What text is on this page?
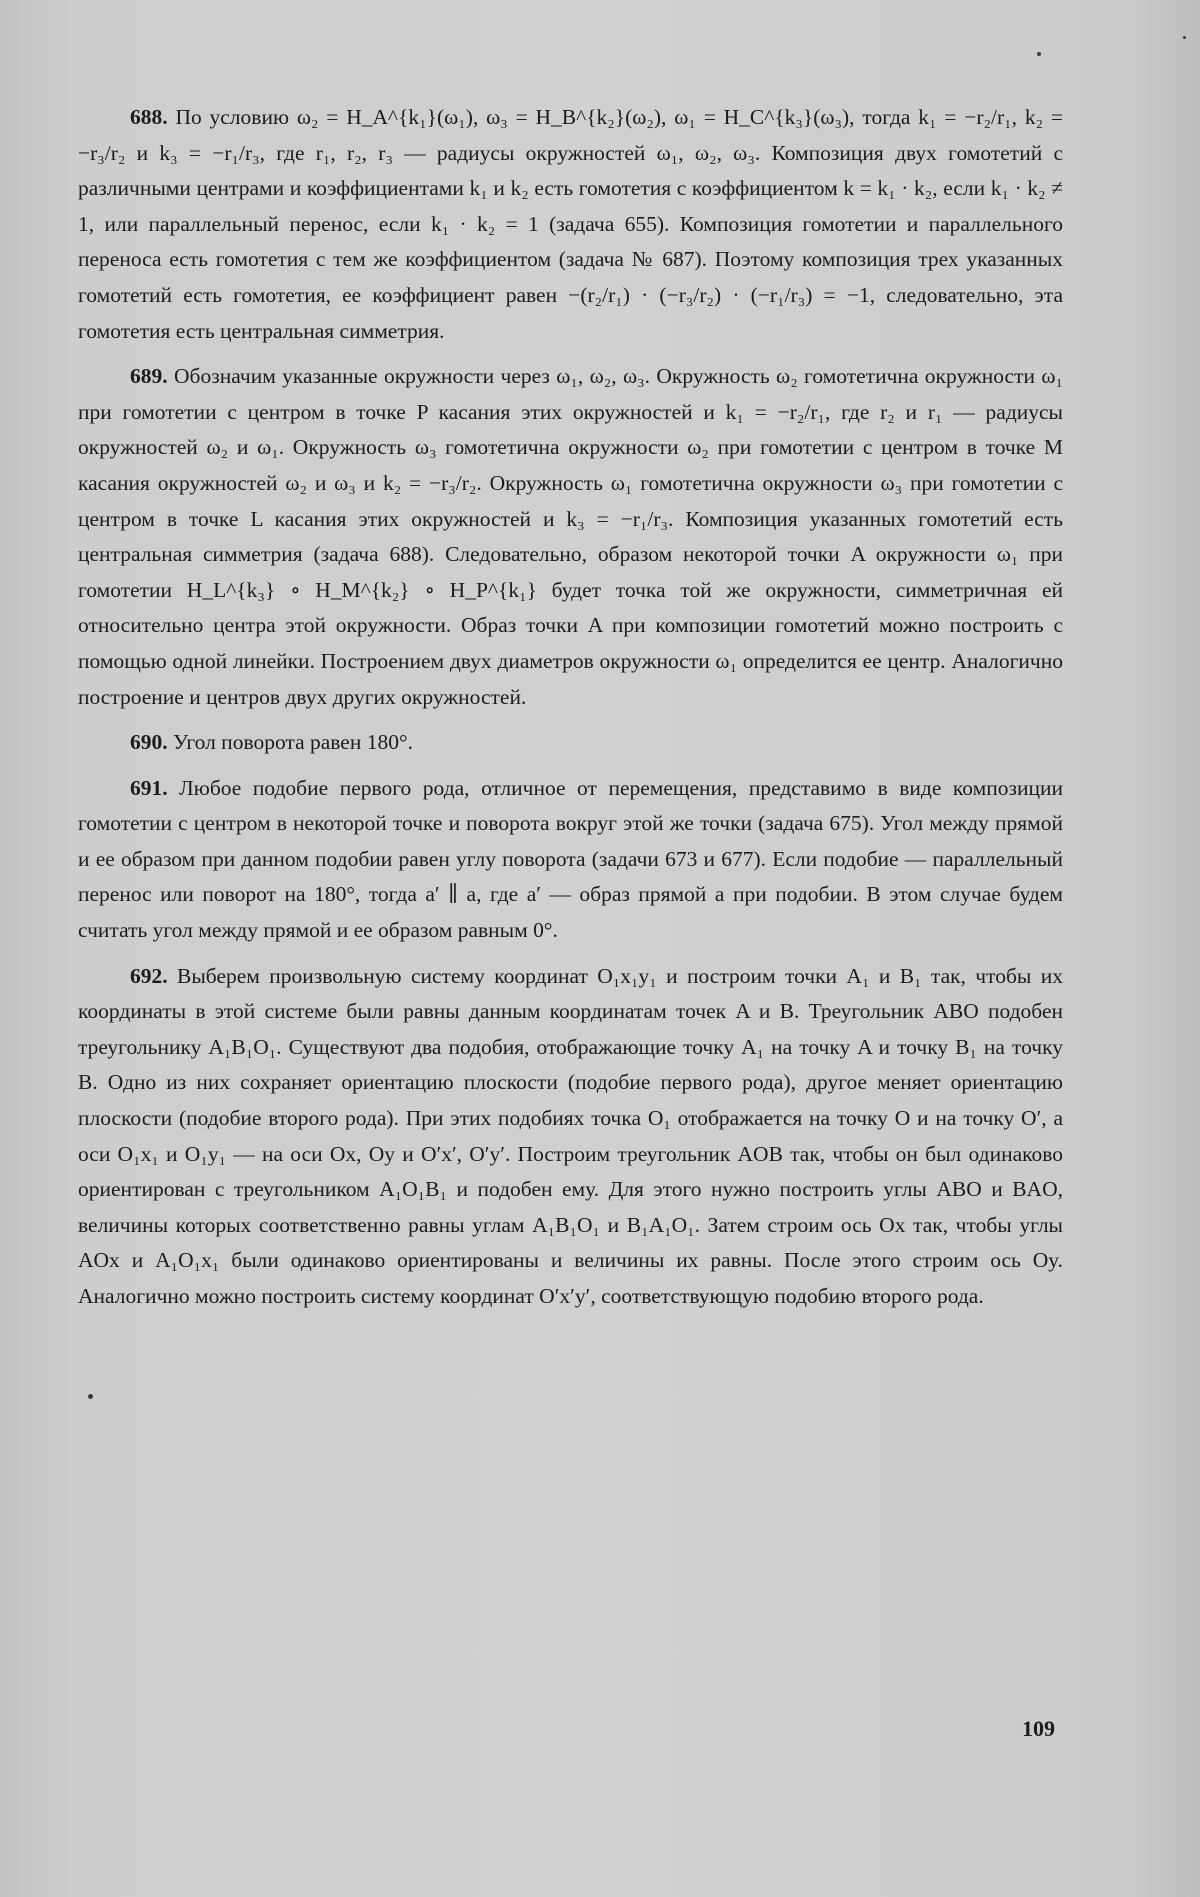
688. По условию ω₂ = H_A^{k₁}(ω₁), ω₃ = H_B^{k₂}(ω₂), ω₁ = H_C^{k₃}(ω₃), тогда k₁ = −r₂/r₁, k₂ = −r₃/r₂ и k₃ = −r₁/r₃, где r₁, r₂, r₃ — радиусы окружностей ω₁, ω₂, ω₃. Композиция двух гомотетий с различными центрами и коэффициентами k₁ и k₂ есть гомотетия с коэффициентом k = k₁ · k₂, если k₁ · k₂ ≠ 1, или параллельный перенос, если k₁ · k₂ = 1 (задача 655). Композиция гомотетии и параллельного переноса есть гомотетия с тем же коэффициентом (задача № 687). Поэтому композиция трех указанных гомотетий есть гомотетия, ее коэффициент равен −(r₂/r₁) · (−r₃/r₂) · (−r₁/r₃) = −1, следовательно, эта гомотетия есть центральная симметрия.

689. Обозначим указанные окружности через ω₁, ω₂, ω₃. Окружность ω₂ гомотетична окружности ω₁ при гомотетии с центром в точке P касания этих окружностей и k₁ = −r₂/r₁, где r₂ и r₁ — радиусы окружностей ω₂ и ω₁. Окружность ω₃ гомотетична окружности ω₂ при гомотетии с центром в точке M касания окружностей ω₂ и ω₃ и k₂ = −r₃/r₂. Окружность ω₁ гомотетична окружности ω₃ при гомотетии с центром в точке L касания этих окружностей и k₃ = −r₁/r₃. Композиция указанных гомотетий есть центральная симметрия (задача 688). Следовательно, образом некоторой точки A окружности ω₁ при гомотетии H_L^{k₃} ∘ H_M^{k₂} ∘ H_P^{k₁} будет точка той же окружности, симметричная ей относительно центра этой окружности. Образ точки A при композиции гомотетий можно построить с помощью одной линейки. Построением двух диаметров окружности ω₁ определится ее центр. Аналогично построение и центров двух других окружностей.

690. Угол поворота равен 180°.

691. Любое подобие первого рода, отличное от перемещения, представимо в виде композиции гомотетии с центром в некоторой точке и поворота вокруг этой же точки (задача 675). Угол между прямой и ее образом при данном подобии равен углу поворота (задачи 673 и 677). Если подобие — параллельный перенос или поворот на 180°, тогда a′ ∥ a, где a′ — образ прямой a при подобии. В этом случае будем считать угол между прямой и ее образом равным 0°.

692. Выберем произвольную систему координат O₁x₁y₁ и построим точки A₁ и B₁ так, чтобы их координаты в этой системе были равны данным координатам точек A и B. Треугольник ABO подобен треугольнику A₁B₁O₁. Существуют два подобия, отображающие точку A₁ на точку A и точку B₁ на точку B. Одно из них сохраняет ориентацию плоскости (подобие первого рода), другое меняет ориентацию плоскости (подобие второго рода). При этих подобиях точка O₁ отображается на точку O и на точку O′, а оси O₁x₁ и O₁y₁ — на оси Ox, Oy и O′x′, O′y′. Построим треугольник AOB так, чтобы он был одинаково ориентирован с треугольником A₁O₁B₁ и подобен ему. Для этого нужно построить углы ABO и BAO, величины которых соответственно равны углам A₁B₁O₁ и B₁A₁O₁. Затем строим ось Ox так, чтобы углы AOx и A₁O₁x₁ были одинаково ориентированы и величины их равны. После этого строим ось Oy. Аналогично можно построить систему координат O′x′y′, соответствующую подобию второго рода.

109
